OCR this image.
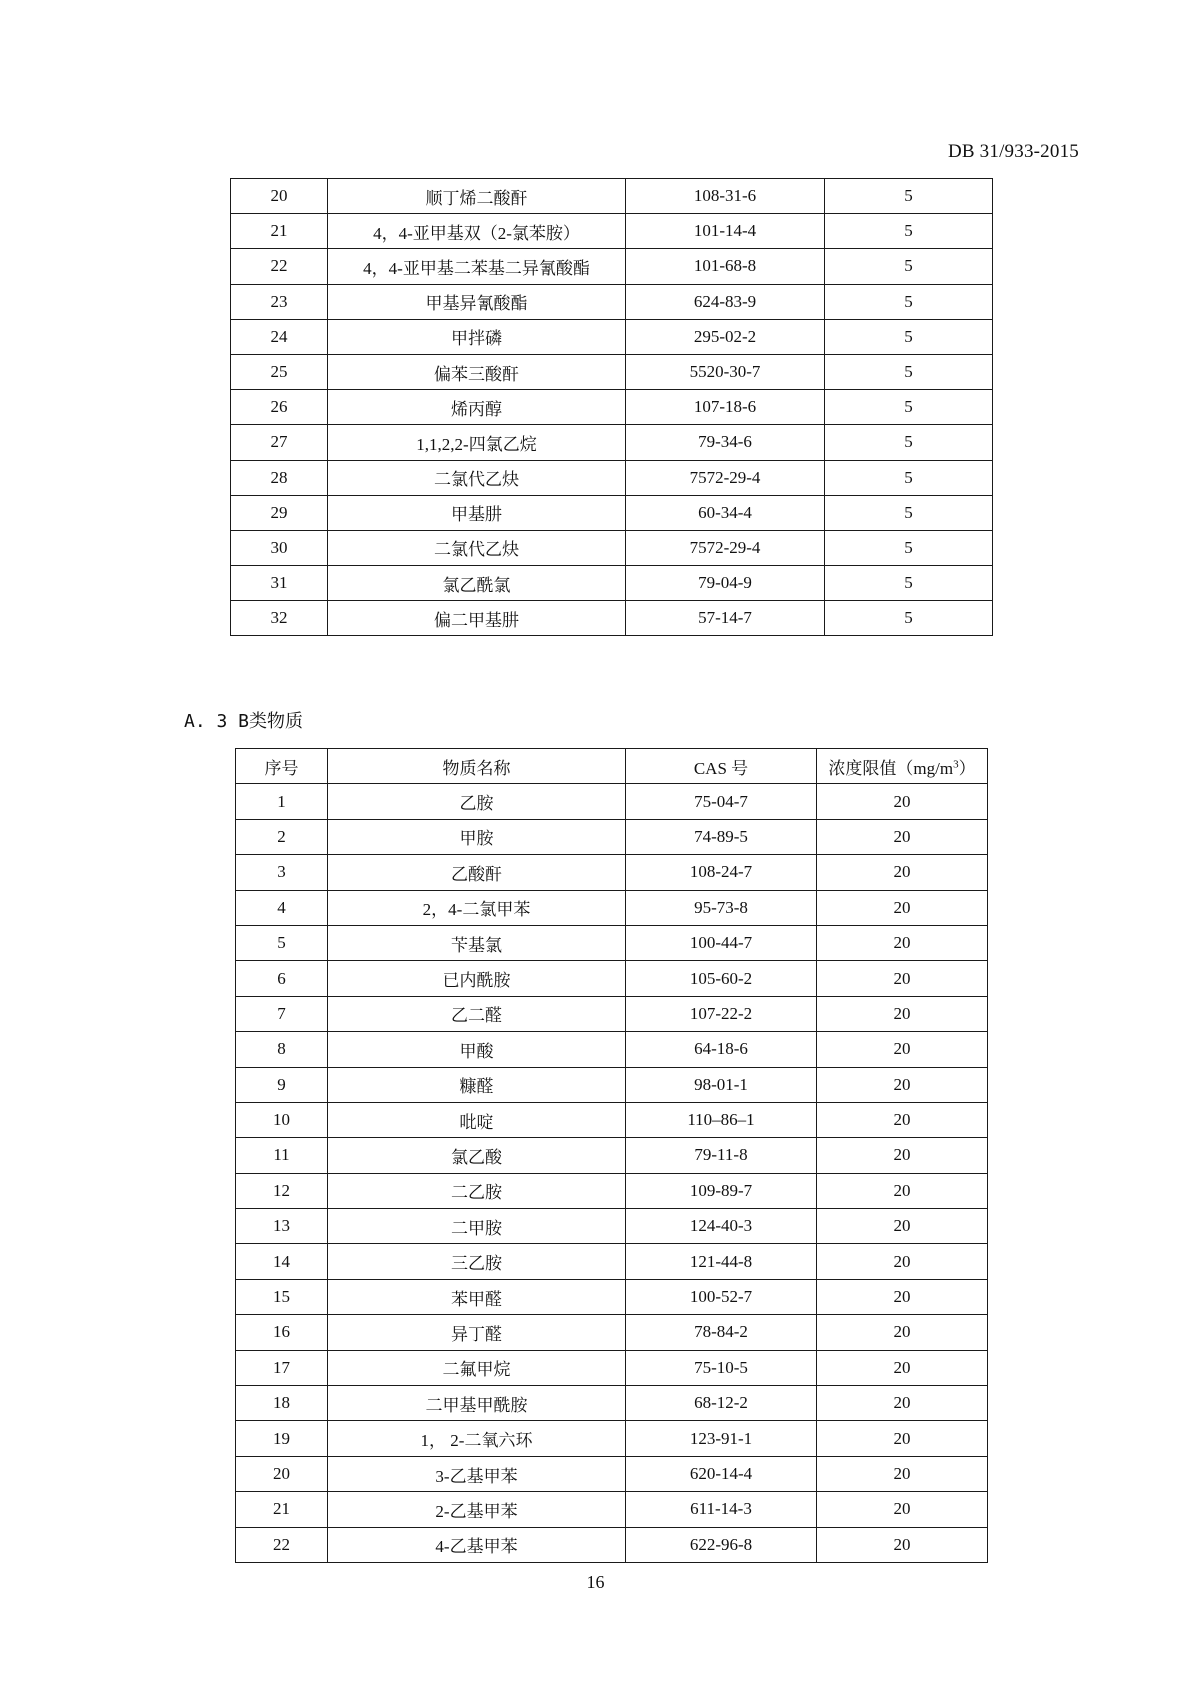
DB 31/933-2015
20	顺丁烯二酸酐	108-31-6	5
21	4，4-亚甲基双（2-氯苯胺）	101-14-4	5
22	4，4-亚甲基二苯基二异氰酸酯	101-68-8	5
23	甲基异氰酸酯	624-83-9	5
24	甲拌磷	295-02-2	5
25	偏苯三酸酐	5520-30-7	5
26	烯丙醇	107-18-6	5
27	1,1,2,2-四氯乙烷	79-34-6	5
28	二氯代乙炔	7572-29-4	5
29	甲基肼	60-34-4	5
30	二氯代乙炔	7572-29-4	5
31	氯乙酰氯	79-04-9	5
32	偏二甲基肼	57-14-7	5
A. 3 B类物质
序号	物质名称	CAS 号	浓度限值$(mg/m^3)$
1	乙胺	75-04-7	20
2	甲胺	74-89-5	20
3	乙酸酐	108-24-7	20
4	2，4-二氯甲苯	95-73-8	20
5	苄基氯	100-44-7	20
6	已内酰胺	105-60-2	20
7	乙二醛	107-22-2	20
8	甲酸	64-18-6	20
9	糠醛	98-01-1	20
10	吡啶	110–86–1	20
11	氯乙酸	79-11-8	20
12	二乙胺	109-89-7	20
13	二甲胺	124-40-3	20
14	三乙胺	121-44-8	20
15	苯甲醛	100-52-7	20
16	异丁醛	78-84-2	20
17	二氟甲烷	75-10-5	20
18	二甲基甲酰胺	68-12-2	20
19	1， 2-二氧六环	123-91-1	20
20	3-乙基甲苯	620-14-4	20
21	2-乙基甲苯	611-14-3	20
22	4-乙基甲苯	622-96-8	20
16
